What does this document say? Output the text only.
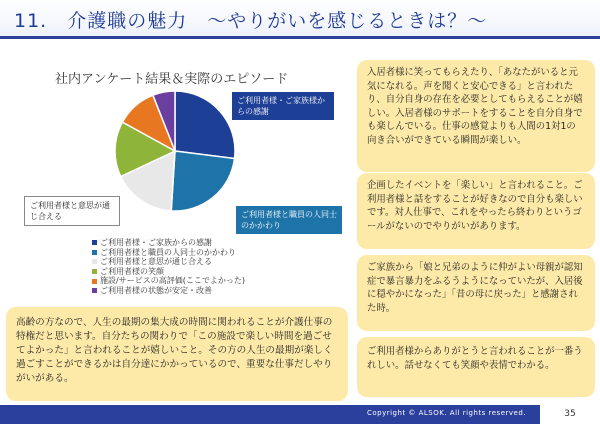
11.　介護職の魅力　～やりがいを感じるときは？～
社内アンケート結果＆実際のエピソード
ご利用者様・ご家族様からの感謝
ご利用者様と職員の人同士のかかわり
ご利用者様と意思が通じ合える
ご利用者様・ご家族からの感謝
ご利用者様と職員の人同士のかかわり
ご利用者様と意思が通じ合える
ご利用者様の笑顔
施設/サービスの高評価(ここでよかった)
ご利用者様の状態が安定・改善
高齢の方なので、人生の最期の集大成の時間に関われることが介護仕事の特権だと思います。自分たちの関わりで「この施設で楽しい時間を過ごせてよかった」と言われることが嬉しいこと。その方の人生の最期が楽しく過ごすことができるかは自分達にかかっているので、重要な仕事だしやりがいがある。
入居者様に笑ってもらえたり、「あなたがいると元気になれる。声を聞くと安心できる」と言われたり、自分自身の存在を必要としてもらえることが嬉しい。入居者様のサポートをすることを自分自身でも楽しんでいる。仕事の感覚よりも人間の1対1の向き合いができている瞬間が楽しい。
企画したイベントを「楽しい」と言われること。ご利用者様と話をすることが好きなので自分も楽しいです。対人仕事で、これをやったら終わりというゴールがないのでやりがいがあります。
ご家族から「娘と兄弟のように仲がよい母親が認知症で暴言暴力をふるうようになっていたが、入居後に穏やかになった」「昔の母に戻った」と感謝された時。
ご利用者様からありがとうと言われることが一番うれしい。話せなくても笑顔や表情でわかる。
Copyright © ALSOK. All rights reserved.	35
